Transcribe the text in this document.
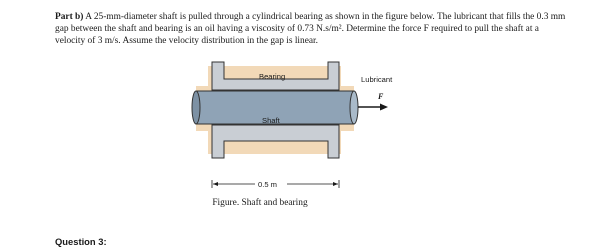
Part b) A 25-mm-diameter shaft is pulled through a cylindrical bearing as shown in the figure below. The lubricant that fills the 0.3 mm gap between the shaft and bearing is an oil having a viscosity of 0.73 N.s/m². Determine the force F required to pull the shaft at a velocity of 3 m/s. Assume the velocity distribution in the gap is linear.

Bearing	Lubricant
Shaft
F
0.5 m
Figure. Shaft and bearing
Question 3:
